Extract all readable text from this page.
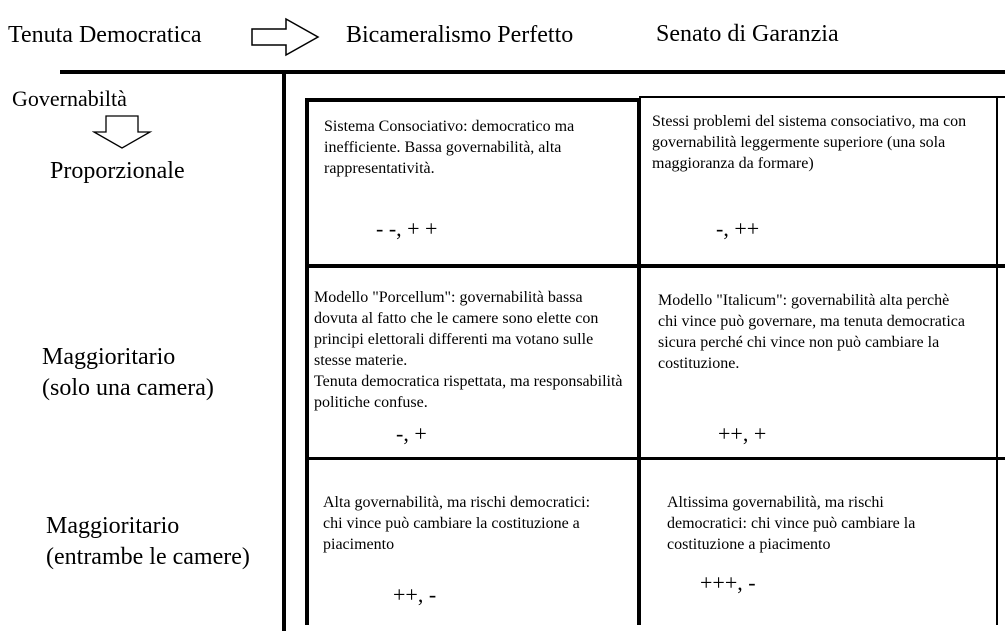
Tenuta Democratica	Bicameralismo Perfetto	Senato di Garanzia
Governabiltà
Proporzionale
Maggioritario
(solo una camera)
Maggioritario
(entrambe le camere)
Sistema Consociativo: democratico ma inefficiente. Bassa governabilità, alta rappresentatività.
- -, + +
Stessi problemi del sistema consociativo, ma con governabilità leggermente superiore (una sola maggioranza da formare)
-, ++
Modello "Porcellum": governabilità bassa dovuta al fatto che le camere sono elette con principi elettorali differenti ma votano sulle stesse materie.
Tenuta democratica rispettata, ma responsabilità politiche confuse.
-, +
Modello "Italicum": governabilità alta perchè chi vince può governare, ma tenuta democratica sicura perché chi vince non può cambiare la costituzione.
++, +
Alta governabilità, ma rischi democratici: chi vince può cambiare la costituzione a piacimento
++, -
Altissima governabilità, ma rischi democratici: chi vince può cambiare la costituzione a piacimento
+++, -
